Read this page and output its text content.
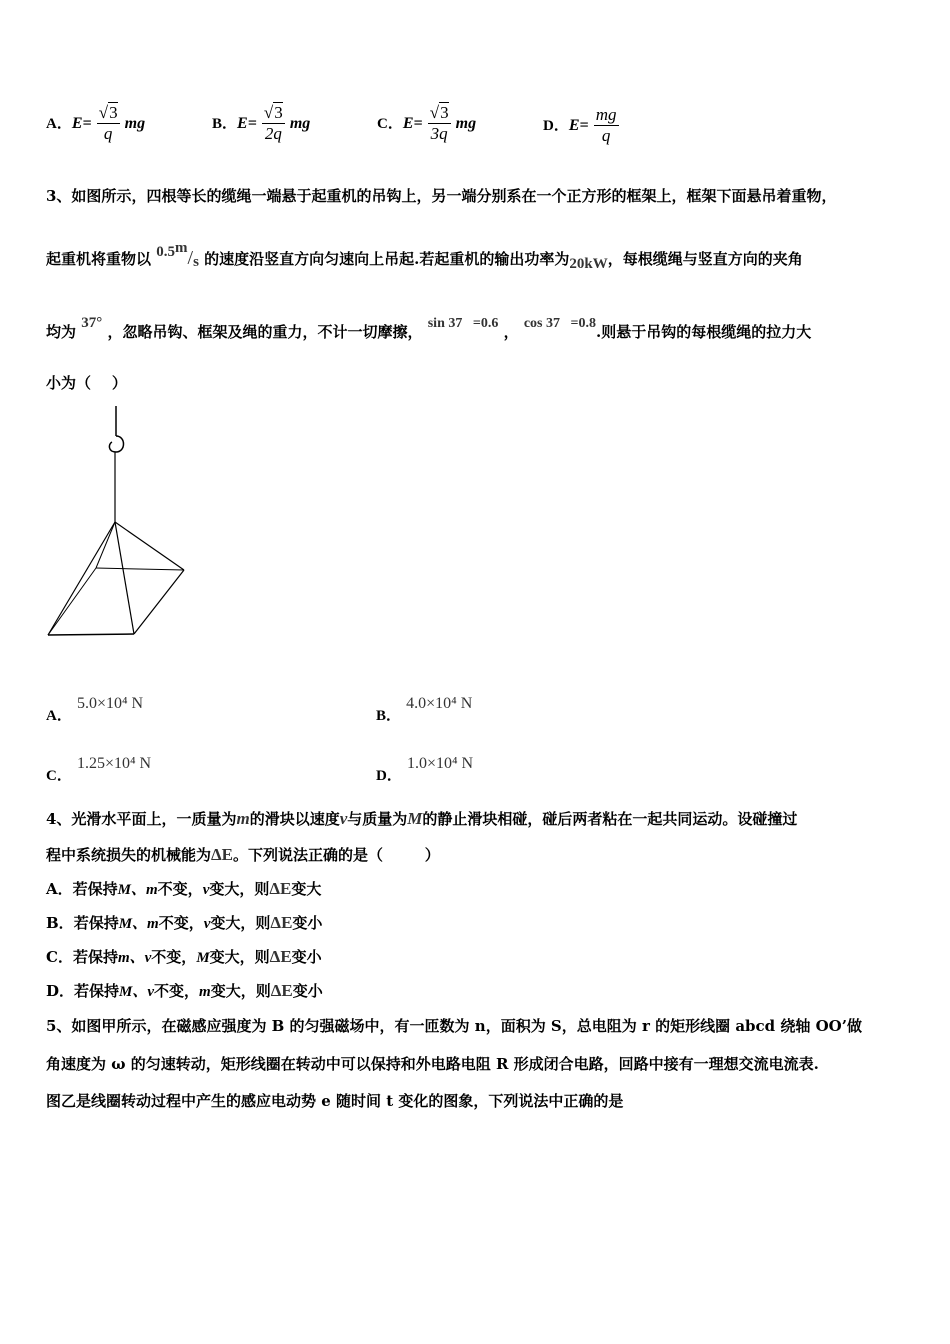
A．$E= \frac{√3}{q}$ mg	B．$E= \frac{√3}{2q}$ mg	C．$E= \frac{√3}{3q}$ mg	D．$E= \frac{mg}{q}$
3、如图所示，四根等长的缆绳一端悬于起重机的吊钩上，另一端分别系在一个正方形的框架上，框架下面悬吊着重物，
起重机将重物以 0.5m/s 的速度沿竖直方向匀速向上吊起.若起重机的输出功率为20kW，每根缆绳与竖直方向的夹角
均为 37° ，忽略吊钩、框架及绳的重力，不计一切摩擦， sin 37   =0.6 ， cos 37   =0.8.则悬于吊钩的每根缆绳的拉力大
小为（    ）
A． 5.0×10⁴ N
B． 4.0×10⁴ N
C． 1.25×10⁴ N
D． 1.0×10⁴ N
4、光滑水平面上，一质量为m的滑块以速度v与质量为M的静止滑块相碰，碰后两者粘在一起共同运动。设碰撞过
程中系统损失的机械能为ΔE。下列说法正确的是（        ）
A．若保持M、m不变，v变大，则ΔE变大
B．若保持M、m不变，v变大，则ΔE变小
C．若保持m、v不变，M变大，则ΔE变小
D．若保持M、v不变，m变大，则ΔE变小
5、如图甲所示，在磁感应强度为 B 的匀强磁场中，有一匝数为 n，面积为 S，总电阻为 r 的矩形线圈 abcd 绕轴 OO’做
角速度为 ω 的匀速转动，矩形线圈在转动中可以保持和外电路电阻 R 形成闭合电路，回路中接有一理想交流电流表.
图乙是线圈转动过程中产生的感应电动势 e 随时间 t 变化的图象，下列说法中正确的是
